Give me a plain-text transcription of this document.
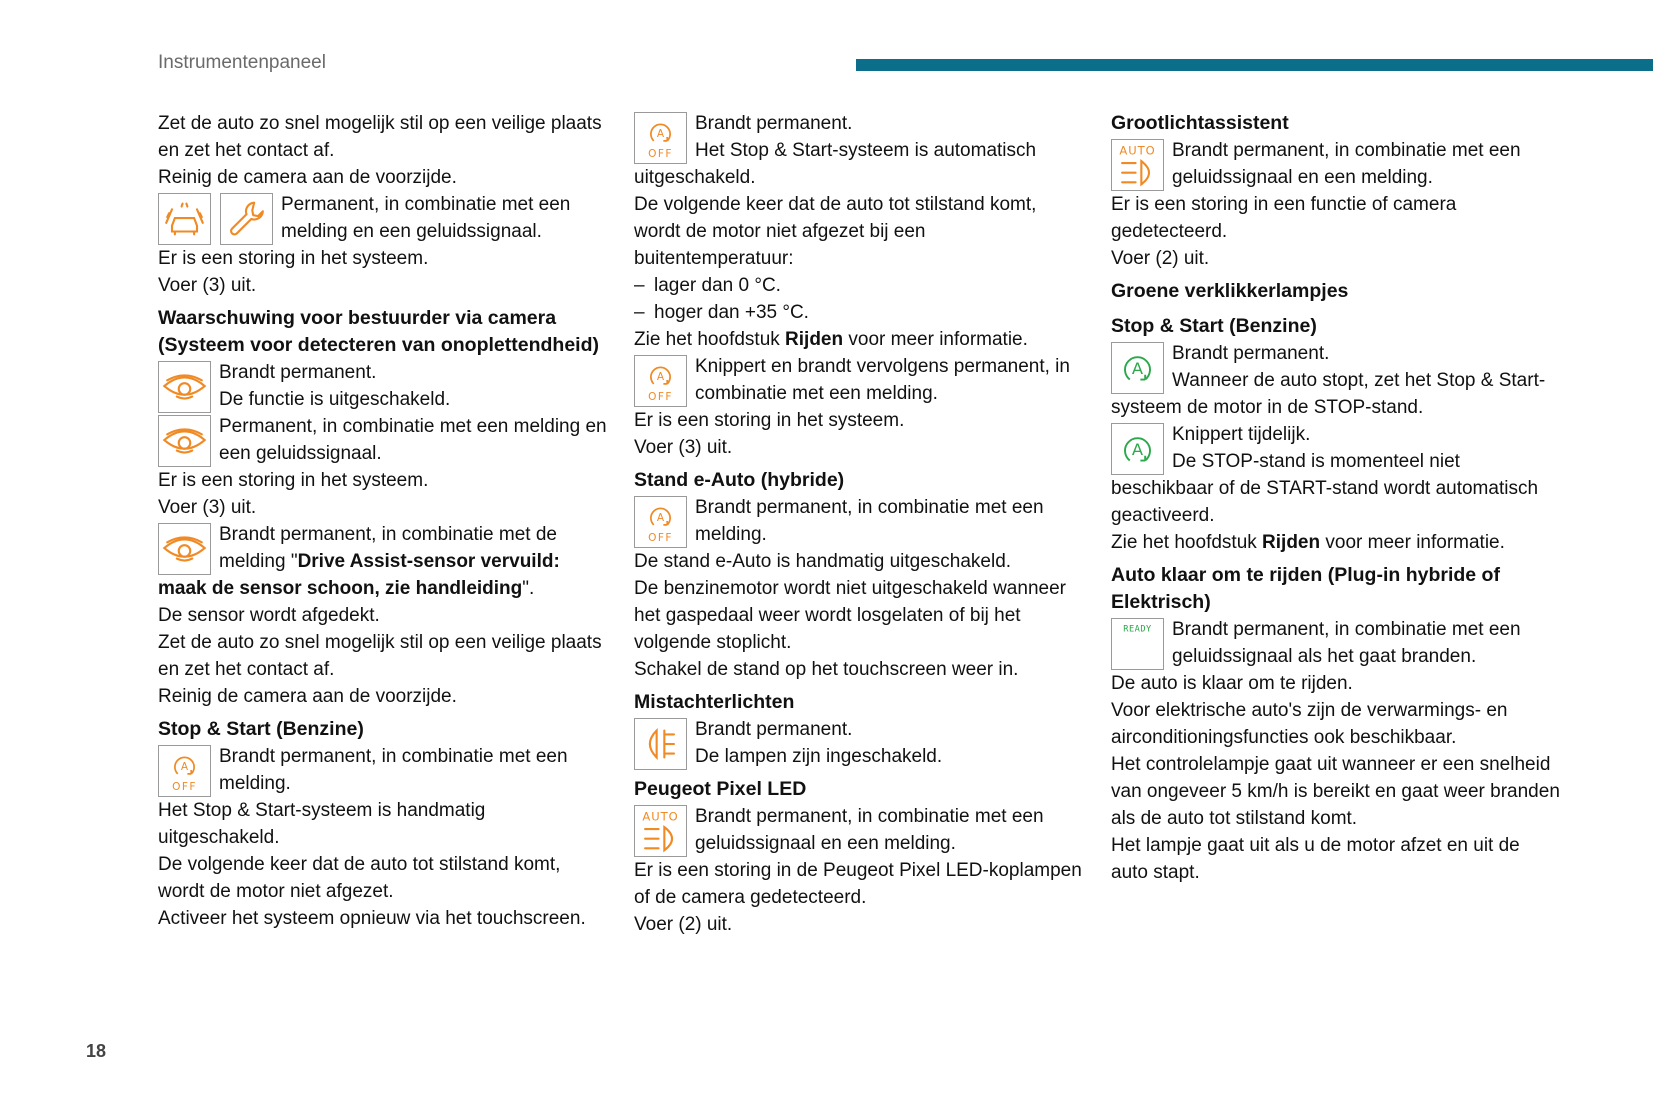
Instrumentenpaneel

Zet de auto zo snel mogelijk stil op een veilige plaats en zet het contact af.

Reinig de camera aan de voorzijde.

Permanent, in combinatie met een melding en een geluidssignaal.

Er is een storing in het systeem.

Voer (3) uit.

Waarschuwing voor bestuurder via camera (Systeem voor detecteren van onoplettendheid)

Brandt permanent.

De functie is uitgeschakeld.

Permanent, in combinatie met een melding en een geluidssignaal.

Er is een storing in het systeem.

Voer (3) uit.

Brandt permanent, in combinatie met de melding "Drive Assist-sensor vervuild: maak de sensor schoon, zie handleiding".

De sensor wordt afgedekt.

Zet de auto zo snel mogelijk stil op een veilige plaats en zet het contact af.

Reinig de camera aan de voorzijde.

Stop & Start (Benzine)
A
OFF

Brandt permanent, in combinatie met een melding.

Het Stop & Start-systeem is handmatig uitgeschakeld.

De volgende keer dat de auto tot stilstand komt, wordt de motor niet afgezet.

Activeer het systeem opnieuw via het touchscreen.

A
OFF

Brandt permanent.

Het Stop & Start-systeem is automatisch uitgeschakeld.

De volgende keer dat de auto tot stilstand komt, wordt de motor niet afgezet bij een buitentemperatuur:

– lager dan 0 °C.

– hoger dan +35 °C.

Zie het hoofdstuk Rijden voor meer informatie.

A
OFF

Knippert en brandt vervolgens permanent, in combinatie met een melding.

Er is een storing in het systeem.

Voer (3) uit.

Stand e-Auto (hybride)
A
OFF

Brandt permanent, in combinatie met een melding.

De stand e-Auto is handmatig uitgeschakeld.

De benzinemotor wordt niet uitgeschakeld wanneer het gaspedaal weer wordt losgelaten of bij het volgende stoplicht.

Schakel de stand op het touchscreen weer in.

Mistachterlichten

Brandt permanent.

De lampen zijn ingeschakeld.

Peugeot Pixel LED
AUTO Brandt permanent, in combinatie met een geluidssignaal en een melding.

Er is een storing in de Peugeot Pixel LED-koplampen of de camera gedetecteerd.

Voer (2) uit.

Grootlichtassistent
AUTO Brandt permanent, in combinatie met een geluidssignaal en een melding.

Er is een storing in een functie of camera gedetecteerd.

Voer (2) uit.

Groene verklikkerlampjes
Stop & Start (Benzine)
A

Brandt permanent.

Wanneer de auto stopt, zet het Stop & Start-systeem de motor in de STOP-stand.

A

Knippert tijdelijk.

De STOP-stand is momenteel niet beschikbaar of de START-stand wordt automatisch geactiveerd.

Zie het hoofdstuk Rijden voor meer informatie.

Auto klaar om te rijden (Plug-in hybride of Elektrisch)
READY	Brandt permanent, in combinatie met een geluidssignaal als het gaat branden.

De auto is klaar om te rijden.

Voor elektrische auto's zijn de verwarmings- en airconditioningsfuncties ook beschikbaar.

Het controlelampje gaat uit wanneer er een snelheid van ongeveer 5 km/h is bereikt en gaat weer branden als de auto tot stilstand komt.

Het lampje gaat uit als u de motor afzet en uit de auto stapt.

18
